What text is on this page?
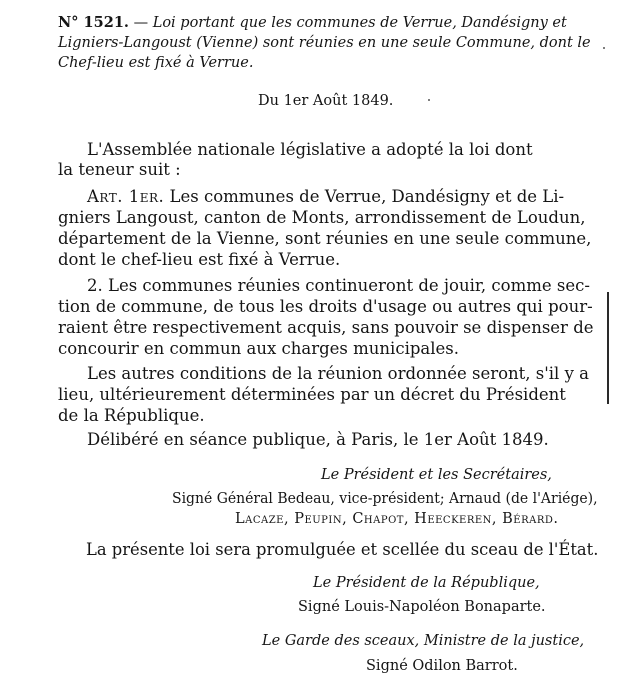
N° 1521. — Loi portant que les communes de Verrue, Dandésigny et
Ligniers-Langoust (Vienne) sont réunies en une seule Commune, dont le
Chef-lieu est fixé à Verrue.
Du 1er Août 1849.
L'Assemblée nationale législative a adopté la loi dont
la teneur suit :
Art. 1er. Les communes de Verrue, Dandésigny et de Li-
gniers Langoust, canton de Monts, arrondissement de Loudun,
département de la Vienne, sont réunies en une seule commune,
dont le chef-lieu est fixé à Verrue.
2. Les communes réunies continueront de jouir, comme sec-
tion de commune, de tous les droits d'usage ou autres qui pour-
raient être respectivement acquis, sans pouvoir se dispenser de
concourir en commun aux charges municipales.
Les autres conditions de la réunion ordonnée seront, s'il y a
lieu, ultérieurement déterminées par un décret du Président
de la République.
Délibéré en séance publique, à Paris, le 1er Août 1849.
Le Président et les Secrétaires,
Signé Général Bedeau, vice-président; Arnaud (de l'Ariége),
Lacaze, Peupin, Chapot, Heeckeren, Bérard.
La présente loi sera promulguée et scellée du sceau de l'État.
Le Président de la République,
Signé Louis-Napoléon Bonaparte.
Le Garde des sceaux, Ministre de la justice,
Signé Odilon Barrot.
